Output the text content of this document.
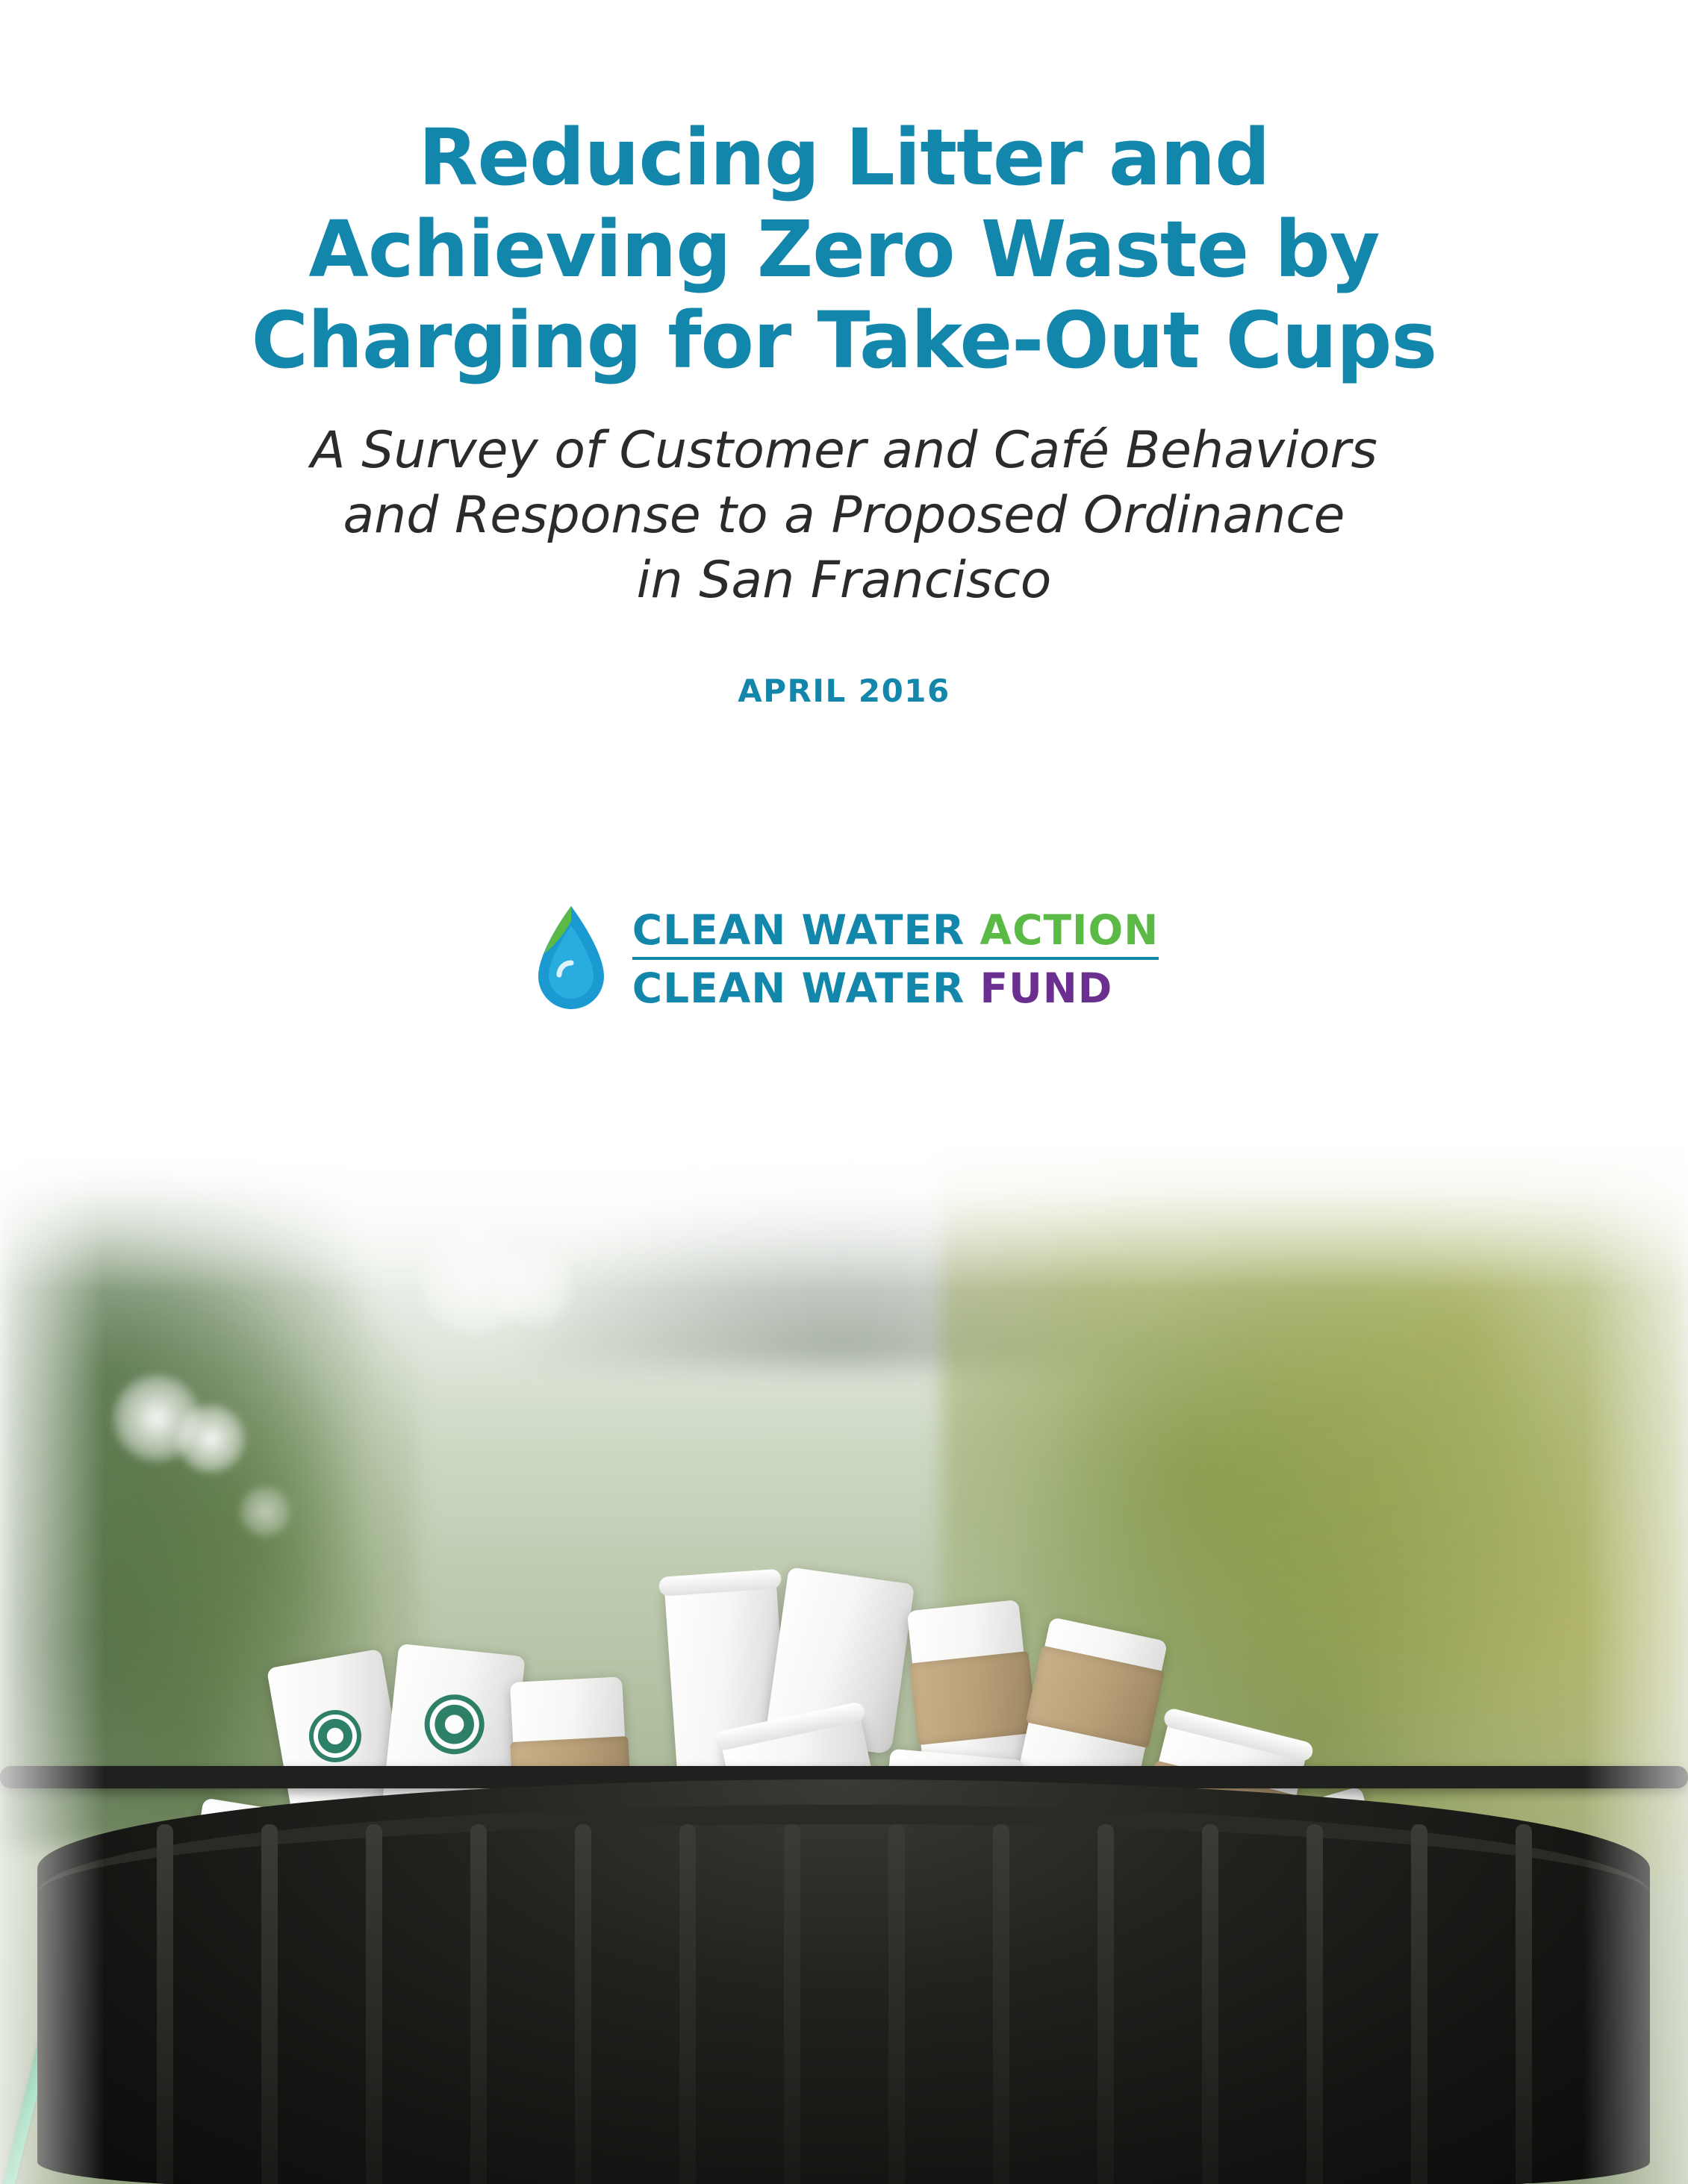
Reducing Litter and
Achieving Zero Waste by
Charging for Take-Out Cups
A Survey of Customer and Café Behaviors
and Response to a Proposed Ordinance
in San Francisco
APRIL 2016
CLEAN WATER ACTION
CLEAN WATER FUND
